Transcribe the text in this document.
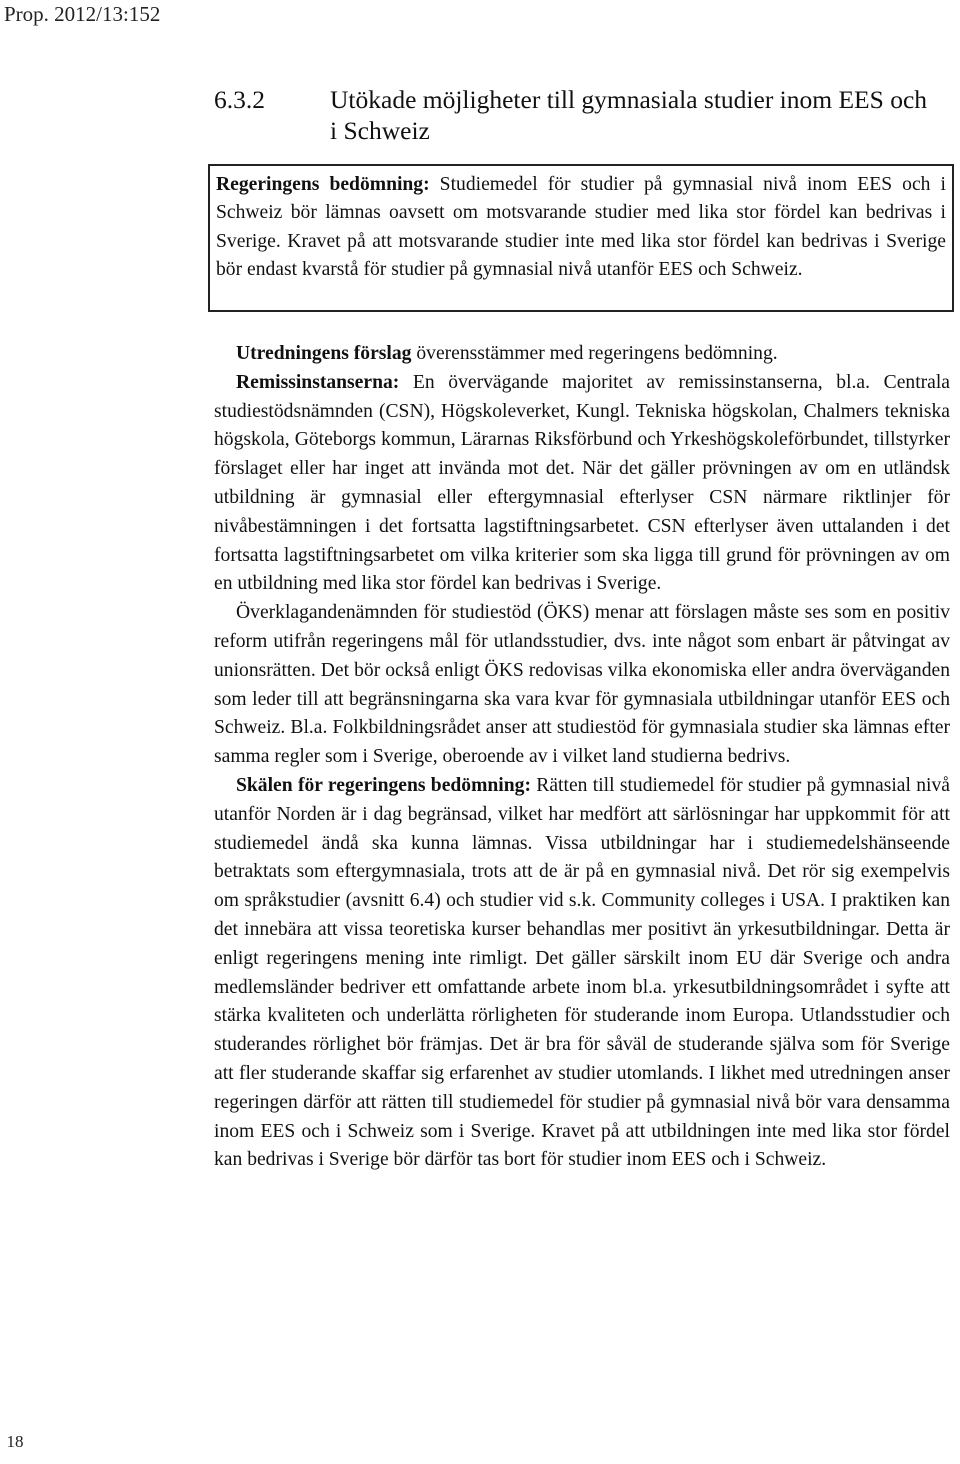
Prop. 2012/13:152
6.3.2	Utökade möjligheter till gymnasiala studier inom EES och i Schweiz
Regeringens bedömning: Studiemedel för studier på gymnasial nivå inom EES och i Schweiz bör lämnas oavsett om motsvarande studier med lika stor fördel kan bedrivas i Sverige. Kravet på att motsvarande studier inte med lika stor fördel kan bedrivas i Sverige bör endast kvarstå för studier på gymnasial nivå utanför EES och Schweiz.

Utredningens förslag överensstämmer med regeringens bedömning.

Remissinstanserna: En övervägande majoritet av remissinstanserna, bl.a. Centrala studiestödsnämnden (CSN), Högskoleverket, Kungl. Tekniska högskolan, Chalmers tekniska högskola, Göteborgs kommun, Lärarnas Riksförbund och Yrkeshögskoleförbundet, tillstyrker förslaget eller har inget att invända mot det. När det gäller prövningen av om en utländsk utbildning är gymnasial eller eftergymnasial efterlyser CSN närmare riktlinjer för nivåbestämningen i det fortsatta lagstiftningsarbetet. CSN efterlyser även uttalanden i det fortsatta lagstiftningsarbetet om vilka kriterier som ska ligga till grund för prövningen av om en utbildning med lika stor fördel kan bedrivas i Sverige.

Överklagandenämnden för studiestöd (ÖKS) menar att förslagen måste ses som en positiv reform utifrån regeringens mål för utlandsstudier, dvs. inte något som enbart är påtvingat av unionsrätten. Det bör också enligt ÖKS redovisas vilka ekonomiska eller andra överväganden som leder till att begränsningarna ska vara kvar för gymnasiala utbildningar utanför EES och Schweiz. Bl.a. Folkbildningsrådet anser att studiestöd för gymnasiala studier ska lämnas efter samma regler som i Sverige, oberoende av i vilket land studierna bedrivs.

Skälen för regeringens bedömning: Rätten till studiemedel för studier på gymnasial nivå utanför Norden är i dag begränsad, vilket har medfört att särlösningar har uppkommit för att studiemedel ändå ska kunna lämnas. Vissa utbildningar har i studiemedelshänseende betraktats som eftergymnasiala, trots att de är på en gymnasial nivå. Det rör sig exempelvis om språkstudier (avsnitt 6.4) och studier vid s.k. Community colleges i USA. I praktiken kan det innebära att vissa teoretiska kurser behandlas mer positivt än yrkesutbildningar. Detta är enligt regeringens mening inte rimligt. Det gäller särskilt inom EU där Sverige och andra medlemsländer bedriver ett omfattande arbete inom bl.a. yrkesutbildningsområdet i syfte att stärka kvaliteten och underlätta rörligheten för studerande inom Europa. Utlandsstudier och studerandes rörlighet bör främjas. Det är bra för såväl de studerande själva som för Sverige att fler studerande skaffar sig erfarenhet av studier utomlands. I likhet med utredningen anser regeringen därför att rätten till studiemedel för studier på gymnasial nivå bör vara densamma inom EES och i Schweiz som i Sverige. Kravet på att utbildningen inte med lika stor fördel kan bedrivas i Sverige bör därför tas bort för studier inom EES och i Schweiz.

18
